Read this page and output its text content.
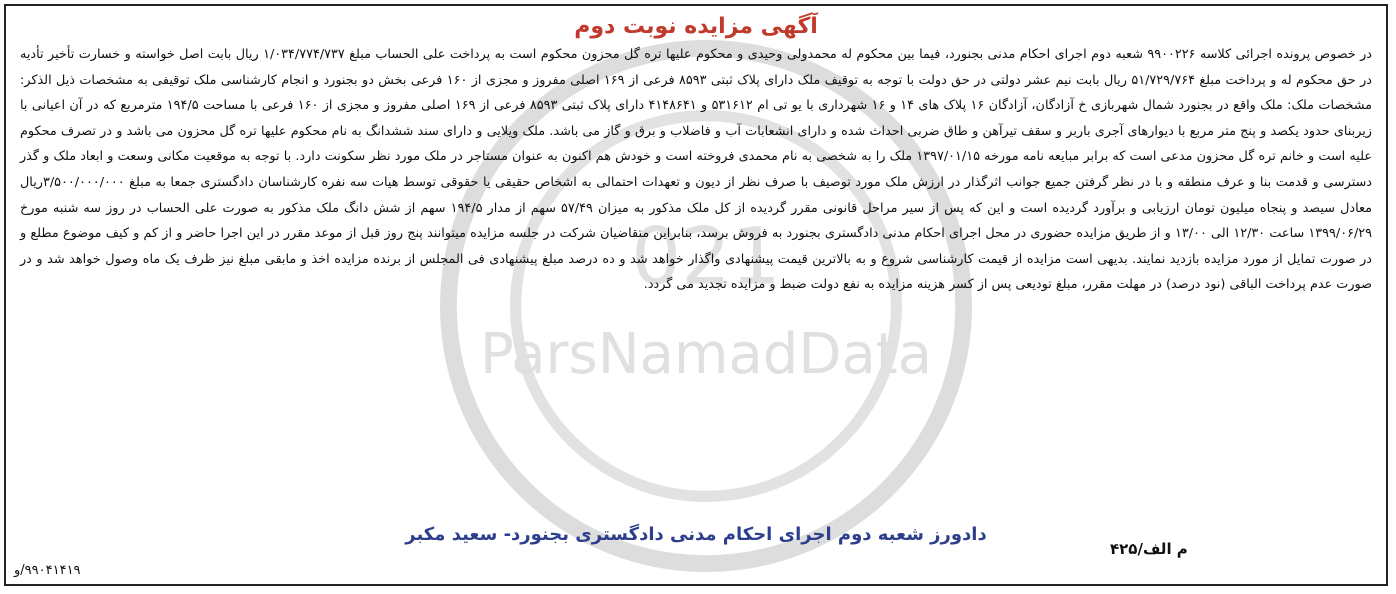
021
ParsNamadData
آگهی مزایده نوبت دوم
در خصوص پرونده اجرائی کلاسه ۹۹۰۰۲۲۶ شعبه دوم اجرای احکام مدنی بجنورد، فیما بین محکوم له محمدولی وحیدی و محکوم علیها تره گل محزون محکوم است به پرداخت علی الحساب مبلغ ۱/۰۳۴/۷۷۴/۷۳۷ ریال بابت اصل خواسته و خسارت تأخیر تأدیه در حق محکوم له و پرداخت مبلغ ۵۱/۷۲۹/۷۶۴ ریال بابت نیم عشر دولتی در حق دولت با توجه به توقیف ملک دارای پلاک ثبتی ۸۵۹۳ فرعی از ۱۶۹ اصلی مفروز و مجزی از ۱۶۰ فرعی بخش دو بجنورد و انجام کارشناسی ملک توقیفی به مشخصات ذیل الذکر: مشخصات ملک: ملک واقع در بجنورد شمال شهربازی خ آزادگان، آزادگان ۱۶ پلاک های ۱۴ و ۱۶ شهرداری با یو تی ام ۵۳۱۶۱۲ و ۴۱۴۸۶۴۱ دارای پلاک ثبتی ۸۵۹۳ فرعی از ۱۶۹ اصلی مفروز و مجزی از ۱۶۰ فرعی با مساحت ۱۹۴/۵ مترمربع که در آن اعیانی با زیربنای حدود یکصد و پنج متر مربع با دیوارهای آجری باربر و سقف تیرآهن و طاق ضربی احداث شده و دارای انشعابات آب و فاضلاب و برق و گاز می باشد. ملک ویلایی و دارای سند ششدانگ به نام محکوم علیها تره گل محزون می باشد و در تصرف محکوم علیه است و خانم تره گل محزون مدعی است که برابر مبایعه نامه مورخه ۱۳۹۷/۰۱/۱۵ ملک را به شخصی به نام محمدی فروخته است و خودش هم اکنون به عنوان مستاجر در ملک مورد نظر سکونت دارد. با توجه به موقعیت مکانی وسعت و ابعاد ملک و گذر دسترسی و قدمت بنا و عرف منطقه و با در نظر گرفتن جمیع جوانب اثرگذار در ارزش ملک مورد توصیف با صرف نظر از دیون و تعهدات احتمالی به اشخاص حقیقی یا حقوقی توسط هیات سه نفره کارشناسان دادگستری جمعا به مبلغ ۳/۵۰۰/۰۰۰/۰۰۰ریال معادل سیصد و پنجاه میلیون تومان ارزیابی و برآورد گردیده است و این که پس از سیر مراحل قانونی مقرر گردیده از کل ملک مذکور به میزان ۵۷/۴۹ سهم از مدار ۱۹۴/۵ سهم از شش دانگ ملک مذکور به صورت علی الحساب در روز سه شنبه مورخ ۱۳۹۹/۰۶/۲۹ ساعت ۱۲/۳۰ الی ۱۳/۰۰ و از طریق مزایده حضوری در محل اجرای احکام مدنی دادگستری بجنورد به فروش برسد، بنابراین متقاضیان شرکت در جلسه مزایده میتوانند پنج روز قبل از موعد مقرر در این اجرا حاضر و از کم و کیف موضوع مطلع و در صورت تمایل از مورد مزایده بازدید نمایند. بدیهی است مزایده از قیمت کارشناسی شروع و به بالاترین قیمت پیشنهادی واگذار خواهد شد و ده درصد مبلغ پیشنهادی فی المجلس از برنده مزایده اخذ و مابقی مبلغ نیز ظرف یک ماه وصول خواهد شد و در صورت عدم پرداخت الباقی (نود درصد) در مهلت مقرر، مبلغ تودیعی پس از کسر هزینه مزایده به نفع دولت ضبط و مزایده تجدید می گردد.
دادورز شعبه دوم اجرای احکام مدنی دادگستری بجنورد- سعید مکبر
م الف/۴۲۵
۹۹۰۴۱۴۱۹/و
